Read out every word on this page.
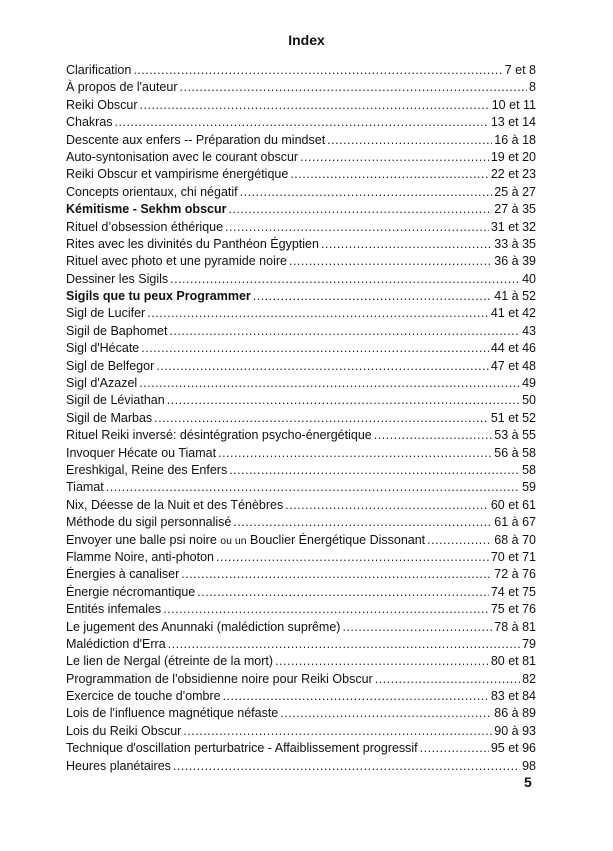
Index
Clarification .....	7 et 8
À propos de l'auteur .....	8
Reiki Obscur .....	10 et 11
Chakras .....	13 et 14
Descente aux enfers -- Préparation du mindset .....	16 à 18
Auto-syntonisation avec le courant obscur .....	19 et 20
Reiki Obscur et vampirisme énergétique .....	22 et 23
Concepts orientaux, chi négatif .....	25 à 27
Kémitisme - Sekhm obscur .....	27 à 35
Rituel d’obsession éthérique .....	31 et 32
Rites avec les divinités du Panthéon Égyptien .....	33 à 35
Rituel avec photo et une pyramide noire .....	36 à 39
Dessiner les Sigils .....	40
Sigils que tu peux Programmer .....	41 à 52
Sigl de Lucifer .....	41 et 42
Sigil de Baphomet .....	43
Sigl d'Hécate .....	44 et 46
Sigl de Belfegor .....	47 et 48
Sigl d'Azazel .....	49
Sigil de Léviathan .....	50
Sigil de Marbas .....	51 et 52
Rituel Reiki inversé: désintégration psycho-énergétique .....	53 à 55
Invoquer Hécate ou Tiamat .....	56 à 58
Ereshkigal, Reine des Enfers .....	58
Tiamat .....	59
Nix, Déesse de la Nuit et des Ténèbres .....	60 et 61
Méthode du sigil personnalisé .....	61 à 67
Envoyer une balle psi noire ou un Bouclier Énergétique Dissonant .....	68 à 70
Flamme Noire, anti-photon .....	70 et 71
Énergies à canaliser .....	72 à 76
Énergie nécromantique .....	74 et 75
Entités infemales .....	75 et 76
Le jugement des Anunnaki (malédiction suprême) .....	78 à 81
Malédiction d'Erra .....	79
Le lien de Nergal (étreinte de la mort) .....	80 et 81
Programmation de l'obsidienne noire pour Reiki Obscur .....	82
Exercice de touche d'ombre .....	83 et 84
Lois de l'influence magnétique néfaste .....	86 à 89
Lois du Reiki Obscur .....	90 à 93
Technique d'oscillation perturbatrice - Affaiblissement progressif .....	95 et 96
Heures planétaires .....	98
5
